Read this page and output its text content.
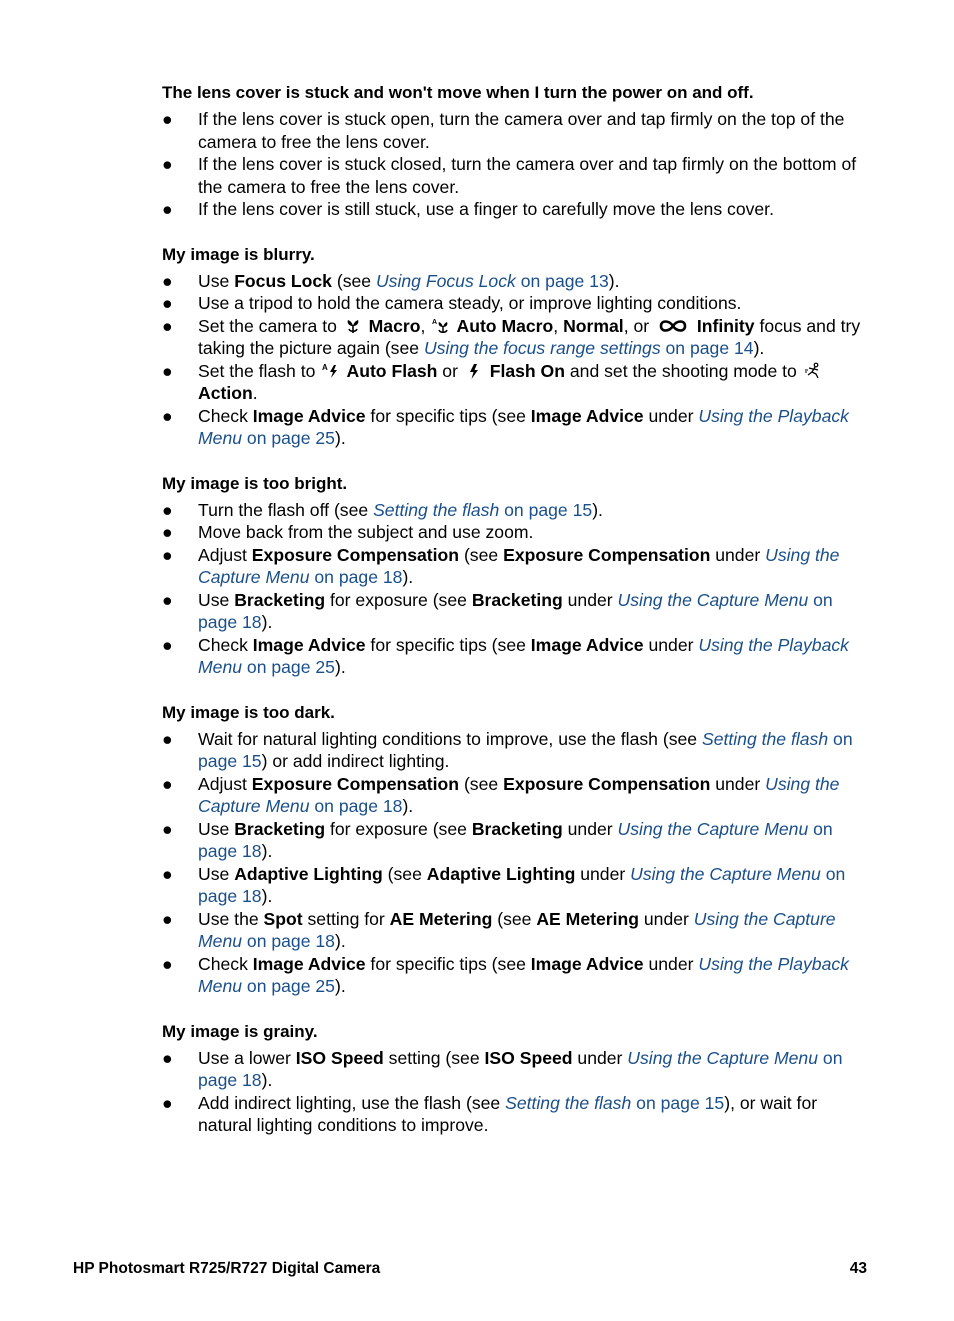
The lens cover is stuck and won't move when I turn the power on and off.
● If the lens cover is stuck open, turn the camera over and tap firmly on the top of the camera to free the lens cover.
● If the lens cover is stuck closed, turn the camera over and tap firmly on the bottom of the camera to free the lens cover.
● If the lens cover is still stuck, use a finger to carefully move the lens cover.
My image is blurry.
● Use Focus Lock (see Using Focus Lock on page 13).
● Use a tripod to hold the camera steady, or improve lighting conditions.
● Set the camera to  Macro, A Auto Macro, Normal, or  Infinity focus and try taking the picture again (see Using the focus range settings on page 14).
● Set the flash to A Auto Flash or  Flash On and set the shooting mode to  Action.
● Check Image Advice for specific tips (see Image Advice under Using the Playback Menu on page 25).
My image is too bright.
● Turn the flash off (see Setting the flash on page 15).
● Move back from the subject and use zoom.
● Adjust Exposure Compensation (see Exposure Compensation under Using the Capture Menu on page 18).
● Use Bracketing for exposure (see Bracketing under Using the Capture Menu on page 18).
● Check Image Advice for specific tips (see Image Advice under Using the Playback Menu on page 25).
My image is too dark.
● Wait for natural lighting conditions to improve, use the flash (see Setting the flash on page 15) or add indirect lighting.
● Adjust Exposure Compensation (see Exposure Compensation under Using the Capture Menu on page 18).
● Use Bracketing for exposure (see Bracketing under Using the Capture Menu on page 18).
● Use Adaptive Lighting (see Adaptive Lighting under Using the Capture Menu on page 18).
● Use the Spot setting for AE Metering (see AE Metering under Using the Capture Menu on page 18).
● Check Image Advice for specific tips (see Image Advice under Using the Playback Menu on page 25).
My image is grainy.
● Use a lower ISO Speed setting (see ISO Speed under Using the Capture Menu on page 18).
● Add indirect lighting, use the flash (see Setting the flash on page 15), or wait for natural lighting conditions to improve.
HP Photosmart R725/R727 Digital Camera	43
